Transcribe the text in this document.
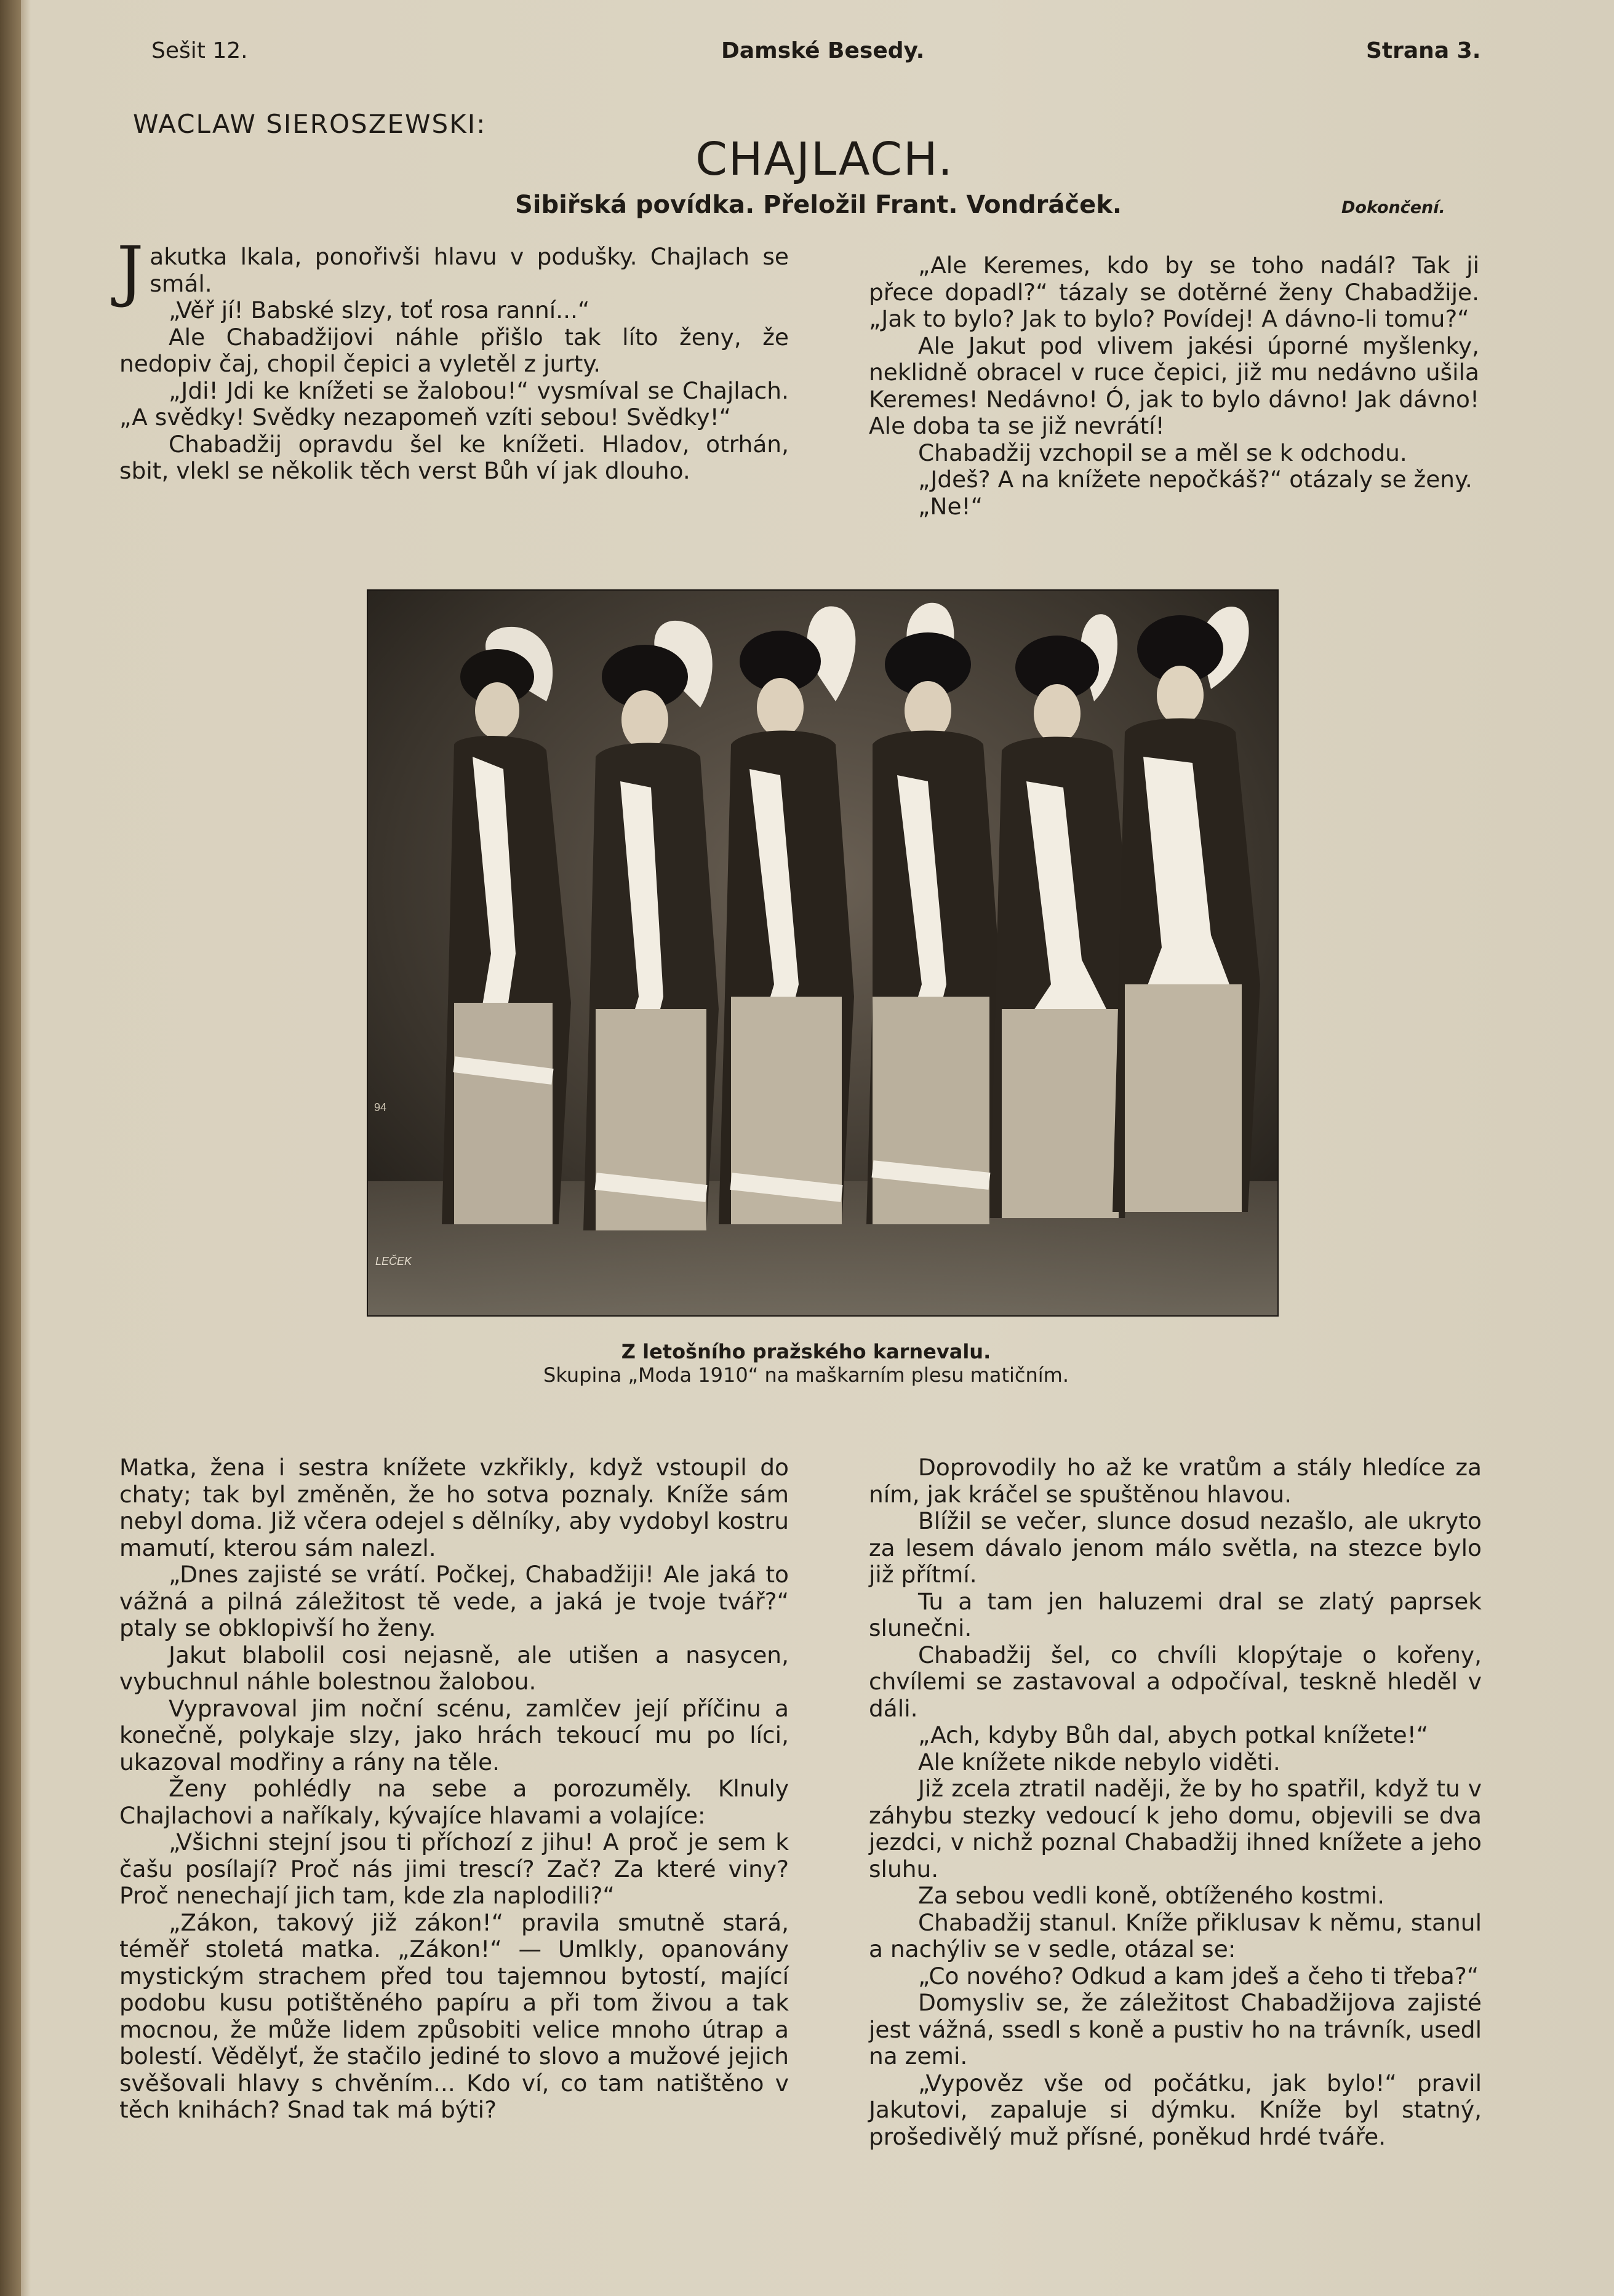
Sešit 12.	Damské Besedy.	Strana 3.
WACLAW SIEROSZEWSKI:
CHAJLACH.
Sibiřská povídka. Přeložil Frant. Vondráček.	Dokončení.

Jakutka lkala, ponořivši hlavu v podušky. Chajlach se smál.

„Věř jí! Babské slzy, toť rosa ranní...“

Ale Chabadžijovi náhle přišlo tak líto ženy, že nedopiv čaj, chopil čepici a vyletěl z jurty.

„Jdi! Jdi ke knížeti se žalobou!“ vysmíval se Chajlach. „A svědky! Svědky nezapomeň vzíti sebou! Svědky!“

Chabadžij opravdu šel ke knížeti. Hladov, otrhán, sbit, vlekl se několik těch verst Bůh ví jak dlouho.

„Ale Keremes, kdo by se toho nadál? Tak ji přece dopadl?“ tázaly se dotěrné ženy Chabadžije. „Jak to bylo? Jak to bylo? Povídej! A dávno-li tomu?“

Ale Jakut pod vlivem jakési úporné myšlenky, neklidně obracel v ruce čepici, již mu nedávno ušila Keremes! Nedávno! Ó, jak to bylo dávno! Jak dávno! Ale doba ta se již nevrátí!

Chabadžij vzchopil se a měl se k odchodu.

„Jdeš? A na knížete nepočkáš?“ otázaly se ženy.

„Ne!“

94
LEČEK
Z letošního pražského karnevalu.
Skupina „Moda 1910“ na maškarním plesu matičním.

Matka, žena i sestra knížete vzkřikly, když vstoupil do chaty; tak byl změněn, že ho sotva poznaly. Kníže sám nebyl doma. Již včera odejel s dělníky, aby vydobyl kostru mamutí, kterou sám nalezl.

„Dnes zajisté se vrátí. Počkej, Chabadžiji! Ale jaká to vážná a pilná záležitost tě vede, a jaká je tvoje tvář?“ ptaly se obklopivší ho ženy.

Jakut blabolil cosi nejasně, ale utišen a nasycen, vybuchnul náhle bolestnou žalobou.

Vypravoval jim noční scénu, zamlčev její příčinu a konečně, polykaje slzy, jako hrách tekoucí mu po líci, ukazoval modřiny a rány na těle.

Ženy pohlédly na sebe a porozuměly. Klnuly Chajlachovi a naříkaly, kývajíce hlavami a volajíce:

„Všichni stejní jsou ti příchozí z jihu! A proč je sem k čašu posílají? Proč nás jimi trescí? Zač? Za které viny? Proč nenechají jich tam, kde zla naplodili?“

„Zákon, takový již zákon!“ pravila smutně stará, téměř stoletá matka. „Zákon!“ — Umlkly, opanovány mystickým strachem před tou tajemnou bytostí, mající podobu kusu potištěného papíru a při tom živou a tak mocnou, že může lidem způsobiti velice mnoho útrap a bolestí. Vědělyť, že stačilo jediné to slovo a mužové jejich svěšovali hlavy s chvěním... Kdo ví, co tam natištěno v těch knihách? Snad tak má býti?

Doprovodily ho až ke vratům a stály hledíce za ním, jak kráčel se spuštěnou hlavou.

Blížil se večer, slunce dosud nezašlo, ale ukryto za lesem dávalo jenom málo světla, na stezce bylo již přítmí.

Tu a tam jen haluzemi dral se zlatý paprsek slunečni.

Chabadžij šel, co chvíli klopýtaje o kořeny, chvílemi se zastavoval a odpočíval, teskně hleděl v dáli.

„Ach, kdyby Bůh dal, abych potkal knížete!“

Ale knížete nikde nebylo viděti.

Již zcela ztratil naději, že by ho spatřil, když tu v záhybu stezky vedoucí k jeho domu, objevili se dva jezdci, v nichž poznal Chabadžij ihned knížete a jeho sluhu.

Za sebou vedli koně, obtíženého kostmi.

Chabadžij stanul. Kníže přiklusav k němu, stanul a nachýliv se v sedle, otázal se:

„Co nového? Odkud a kam jdeš a čeho ti třeba?“

Domysliv se, že záležitost Chabadžijova zajisté jest vážná, ssedl s koně a pustiv ho na trávník, usedl na zemi.

„Vypověz vše od počátku, jak bylo!“ pravil Jakutovi, zapaluje si dýmku. Kníže byl statný, prošedivělý muž přísné, poněkud hrdé tváře.
